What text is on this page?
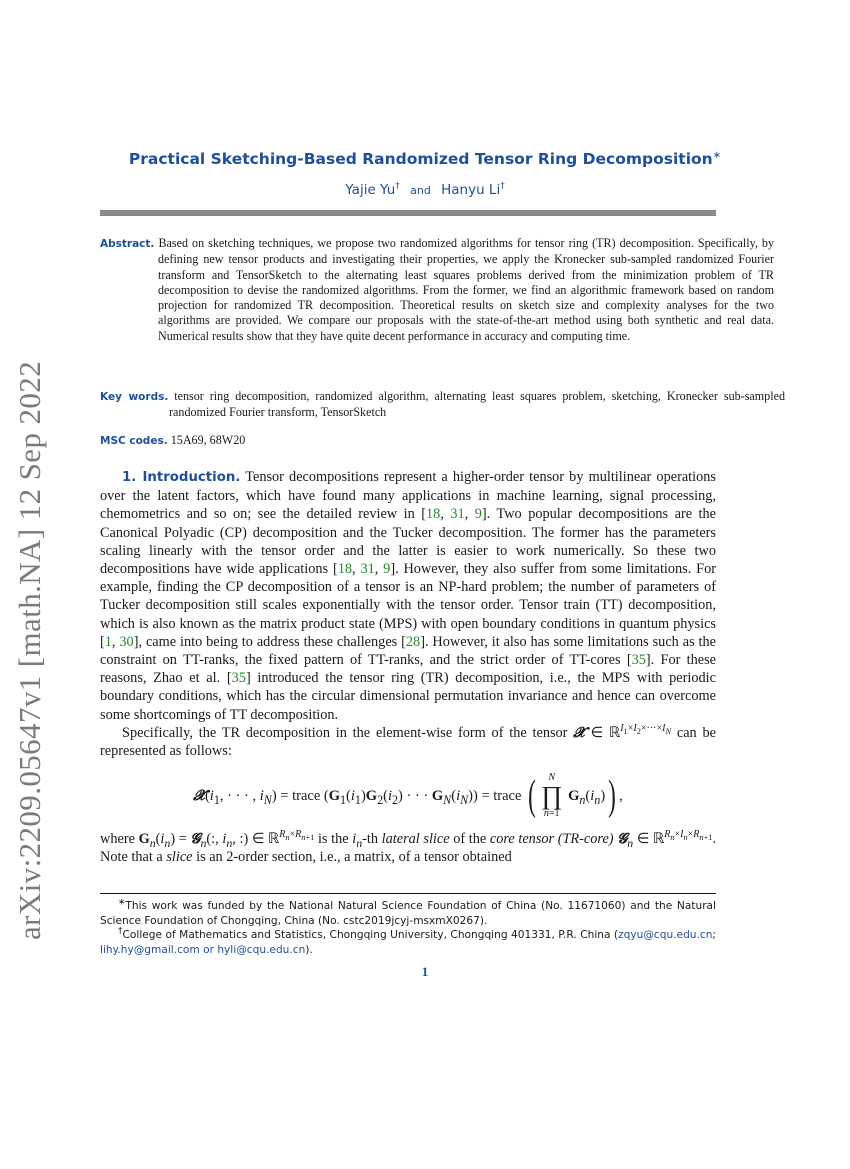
arXiv:2209.05647v1 [math.NA] 12 Sep 2022
Practical Sketching-Based Randomized Tensor Ring Decomposition∗
Yajie Yu† and Hanyu Li†
Abstract. Based on sketching techniques, we propose two randomized algorithms for tensor ring (TR) decomposition. Specifically, by defining new tensor products and investigating their properties, we apply the Kronecker sub-sampled randomized Fourier transform and TensorSketch to the alternating least squares problems derived from the minimization problem of TR decomposition to devise the randomized algorithms. From the former, we find an algorithmic framework based on random projection for randomized TR decomposition. Theoretical results on sketch size and complexity analyses for the two algorithms are provided. We compare our proposals with the state-of-the-art method using both synthetic and real data. Numerical results show that they have quite decent performance in accuracy and computing time.
Key words. tensor ring decomposition, randomized algorithm, alternating least squares problem, sketching, Kronecker sub-sampled randomized Fourier transform, TensorSketch
MSC codes. 15A69, 68W20

1. Introduction. Tensor decompositions represent a higher-order tensor by multilinear operations over the latent factors, which have found many applications in machine learning, signal processing, chemometrics and so on; see the detailed review in [18, 31, 9]. Two popular decompositions are the Canonical Polyadic (CP) decomposition and the Tucker decomposition. The former has the parameters scaling linearly with the tensor order and the latter is easier to work numerically. So these two decompositions have wide applications [18, 31, 9]. However, they also suffer from some limitations. For example, finding the CP decomposition of a tensor is an NP-hard problem; the number of parameters of Tucker decomposition still scales exponentially with the tensor order. Tensor train (TT) decomposition, which is also known as the matrix product state (MPS) with open boundary conditions in quantum physics [1, 30], came into being to address these challenges [28]. However, it also has some limitations such as the constraint on TT-ranks, the fixed pattern of TT-ranks, and the strict order of TT-cores [35]. For these reasons, Zhao et al. [35] introduced the tensor ring (TR) decomposition, i.e., the MPS with periodic boundary conditions, which has the circular dimensional permutation invariance and hence can overcome some shortcomings of TT decomposition.

Specifically, the TR decomposition in the element-wise form of the tensor 𝓧 ∈ ℝ$^{I_1\times I_2\times\cdot\cdot\cdot\times I_N}$ can be represented as follows:

$𝓧(i_1$, · · · , $i_N$) = trace ($G_1(i_1)G_2(i_2)$ · · · $G_N(i_N)$) = trace ( N
∏
n=1
$G_n(i_n)$ ) ,

where $G_n(i_n)$ = 𝓖$_n$(:, $i_n$, :) ∈ ℝ$^{R_n\times R_{n+1}}$ is the $i_n-th$ lateral slice of the core tensor (TR-core) 𝓖$_n$ ∈ ℝ$^{R_n\times I_n\times R_{n+1}}$. Note that a slice is an 2-order section, i.e., a matrix, of a tensor obtained

∗This work was funded by the National Natural Science Foundation of China (No. 11671060) and the Natural Science Foundation of Chongqing, China (No. cstc2019jcyj-msxmX0267).

†College of Mathematics and Statistics, Chongqing University, Chongqing 401331, P.R. China (zqyu@cqu.edu.cn; lihy.hy@gmail.com or hyli@cqu.edu.cn).

1
